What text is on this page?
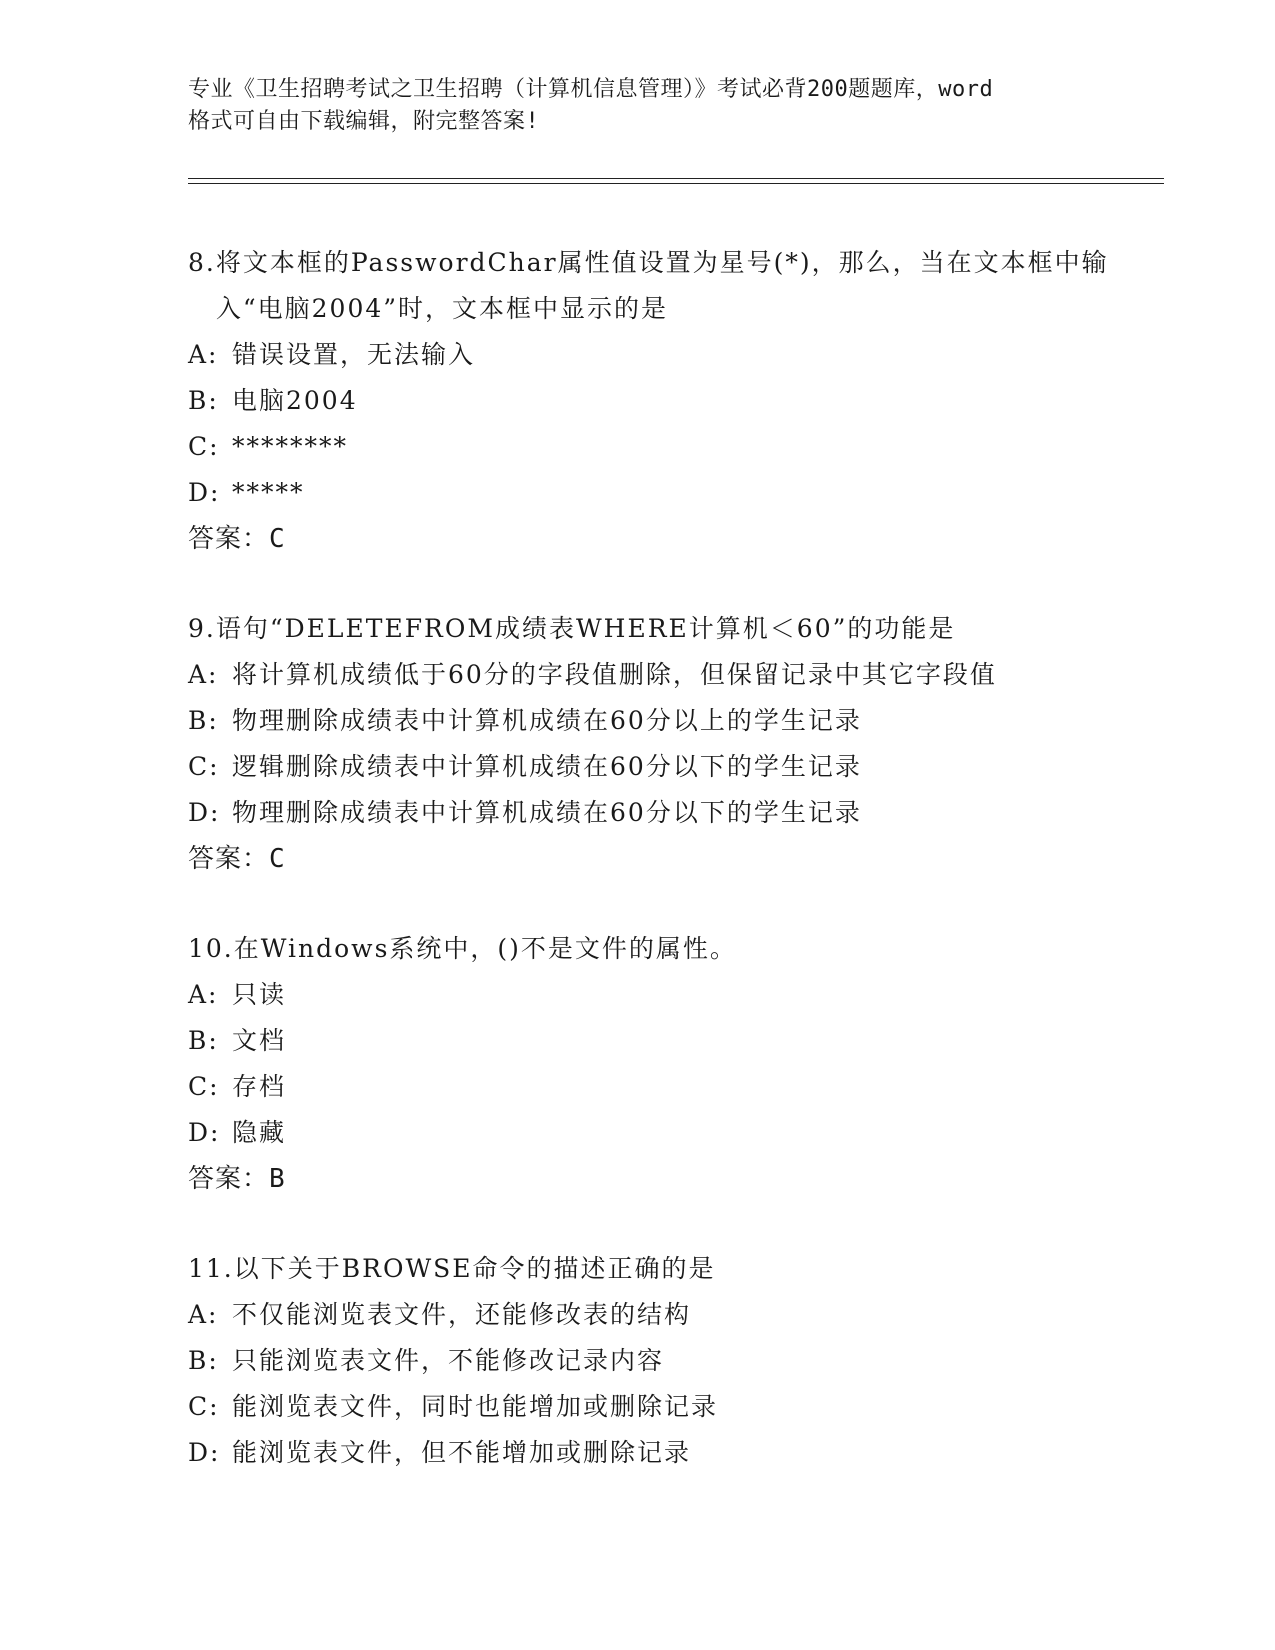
专业《卫生招聘考试之卫生招聘（计算机信息管理）》考试必背200题题库，word
格式可自由下载编辑，附完整答案!
8. 将文本框的PasswordChar属性值设置为星号(*)，那么，当在文本框中输入“电脑2004”时，文本框中显示的是
A: 错误设置，无法输入
B: 电脑2004
C: ********
D: *****
答案：C
9. 语句“DELETEFROM成绩表WHERE计算机＜60”的功能是
A: 将计算机成绩低于60分的字段值删除，但保留记录中其它字段值
B: 物理删除成绩表中计算机成绩在60分以上的学生记录
C: 逻辑删除成绩表中计算机成绩在60分以下的学生记录
D: 物理删除成绩表中计算机成绩在60分以下的学生记录
答案：C
10. 在Windows系统中，()不是文件的属性。
A: 只读
B: 文档
C: 存档
D: 隐藏
答案：B
11. 以下关于BROWSE命令的描述正确的是
A: 不仅能浏览表文件，还能修改表的结构
B: 只能浏览表文件，不能修改记录内容
C: 能浏览表文件，同时也能增加或删除记录
D: 能浏览表文件，但不能增加或删除记录
